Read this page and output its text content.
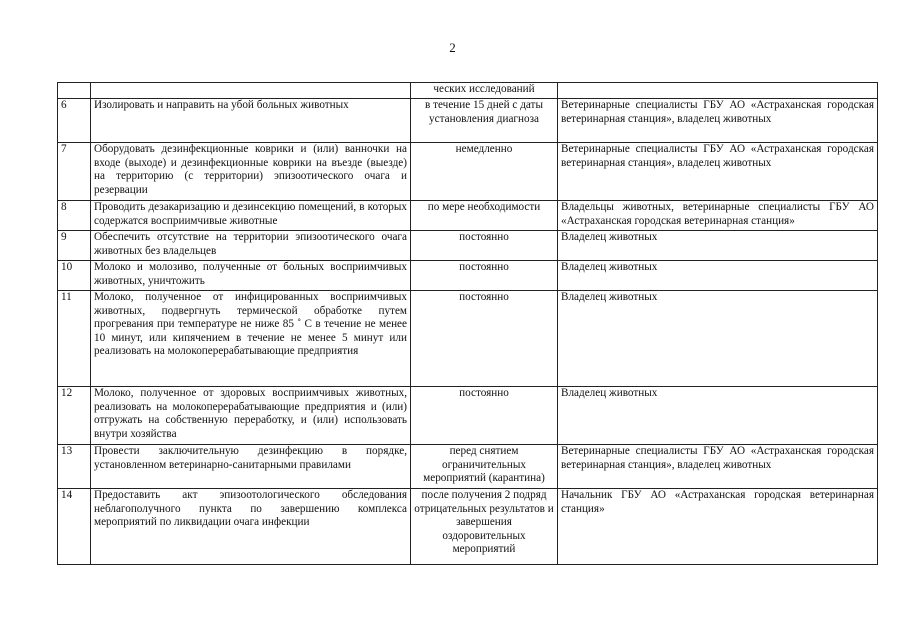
2
		ческих исследований	
6	Изолировать и направить на убой больных животных	в течение 15 дней с даты установления диагноза	Ветеринарные специалисты ГБУ АО «Астраханская городская ветеринарная станция», владелец животных
7	Оборудовать дезинфекционные коврики и (или) ванночки на входе (выходе) и дезинфекционные коврики на въезде (выезде) на территорию (с территории) эпизоотического очага и резервации	немедленно	Ветеринарные специалисты ГБУ АО «Астраханская городская ветеринарная станция», владелец животных
8	Проводить дезакаризацию и дезинсекцию помещений, в которых содержатся восприимчивые животные	по мере необходимости	Владельцы животных, ветеринарные специалисты ГБУ АО «Астраханская городская ветеринарная станция»
9	Обеспечить отсутствие на территории эпизоотического очага животных без владельцев	постоянно	Владелец животных
10	Молоко и молозиво, полученные от больных восприимчивых животных, уничтожить	постоянно	Владелец животных
11	Молоко, полученное от инфицированных восприимчивых животных, подвергнуть термической обработке путем прогревания при температуре не ниже 85 ˚ С в течение не менее 10 минут, или кипячением в течение не менее 5 минут или реализовать на молокоперерабатывающие предприятия	постоянно	Владелец животных
12	Молоко, полученное от здоровых восприимчивых животных, реализовать на молокоперерабатывающие предприятия и (или) отгружать на собственную переработку, и (или) использовать внутри хозяйства	постоянно	Владелец животных
13	Провести заключительную дезинфекцию в порядке, установленном ветеринарно-санитарными правилами	перед снятием ограничительных мероприятий (карантина)	Ветеринарные специалисты ГБУ АО «Астраханская городская ветеринарная станция», владелец животных
14	Предоставить акт эпизоотологического обследования неблагополучного пункта по завершению комплекса мероприятий по ликвидации очага инфекции	после получения 2 подряд отрицательных результатов и завершения оздоровительных мероприятий	Начальник ГБУ АО «Астраханская городская ветеринарная станция»
